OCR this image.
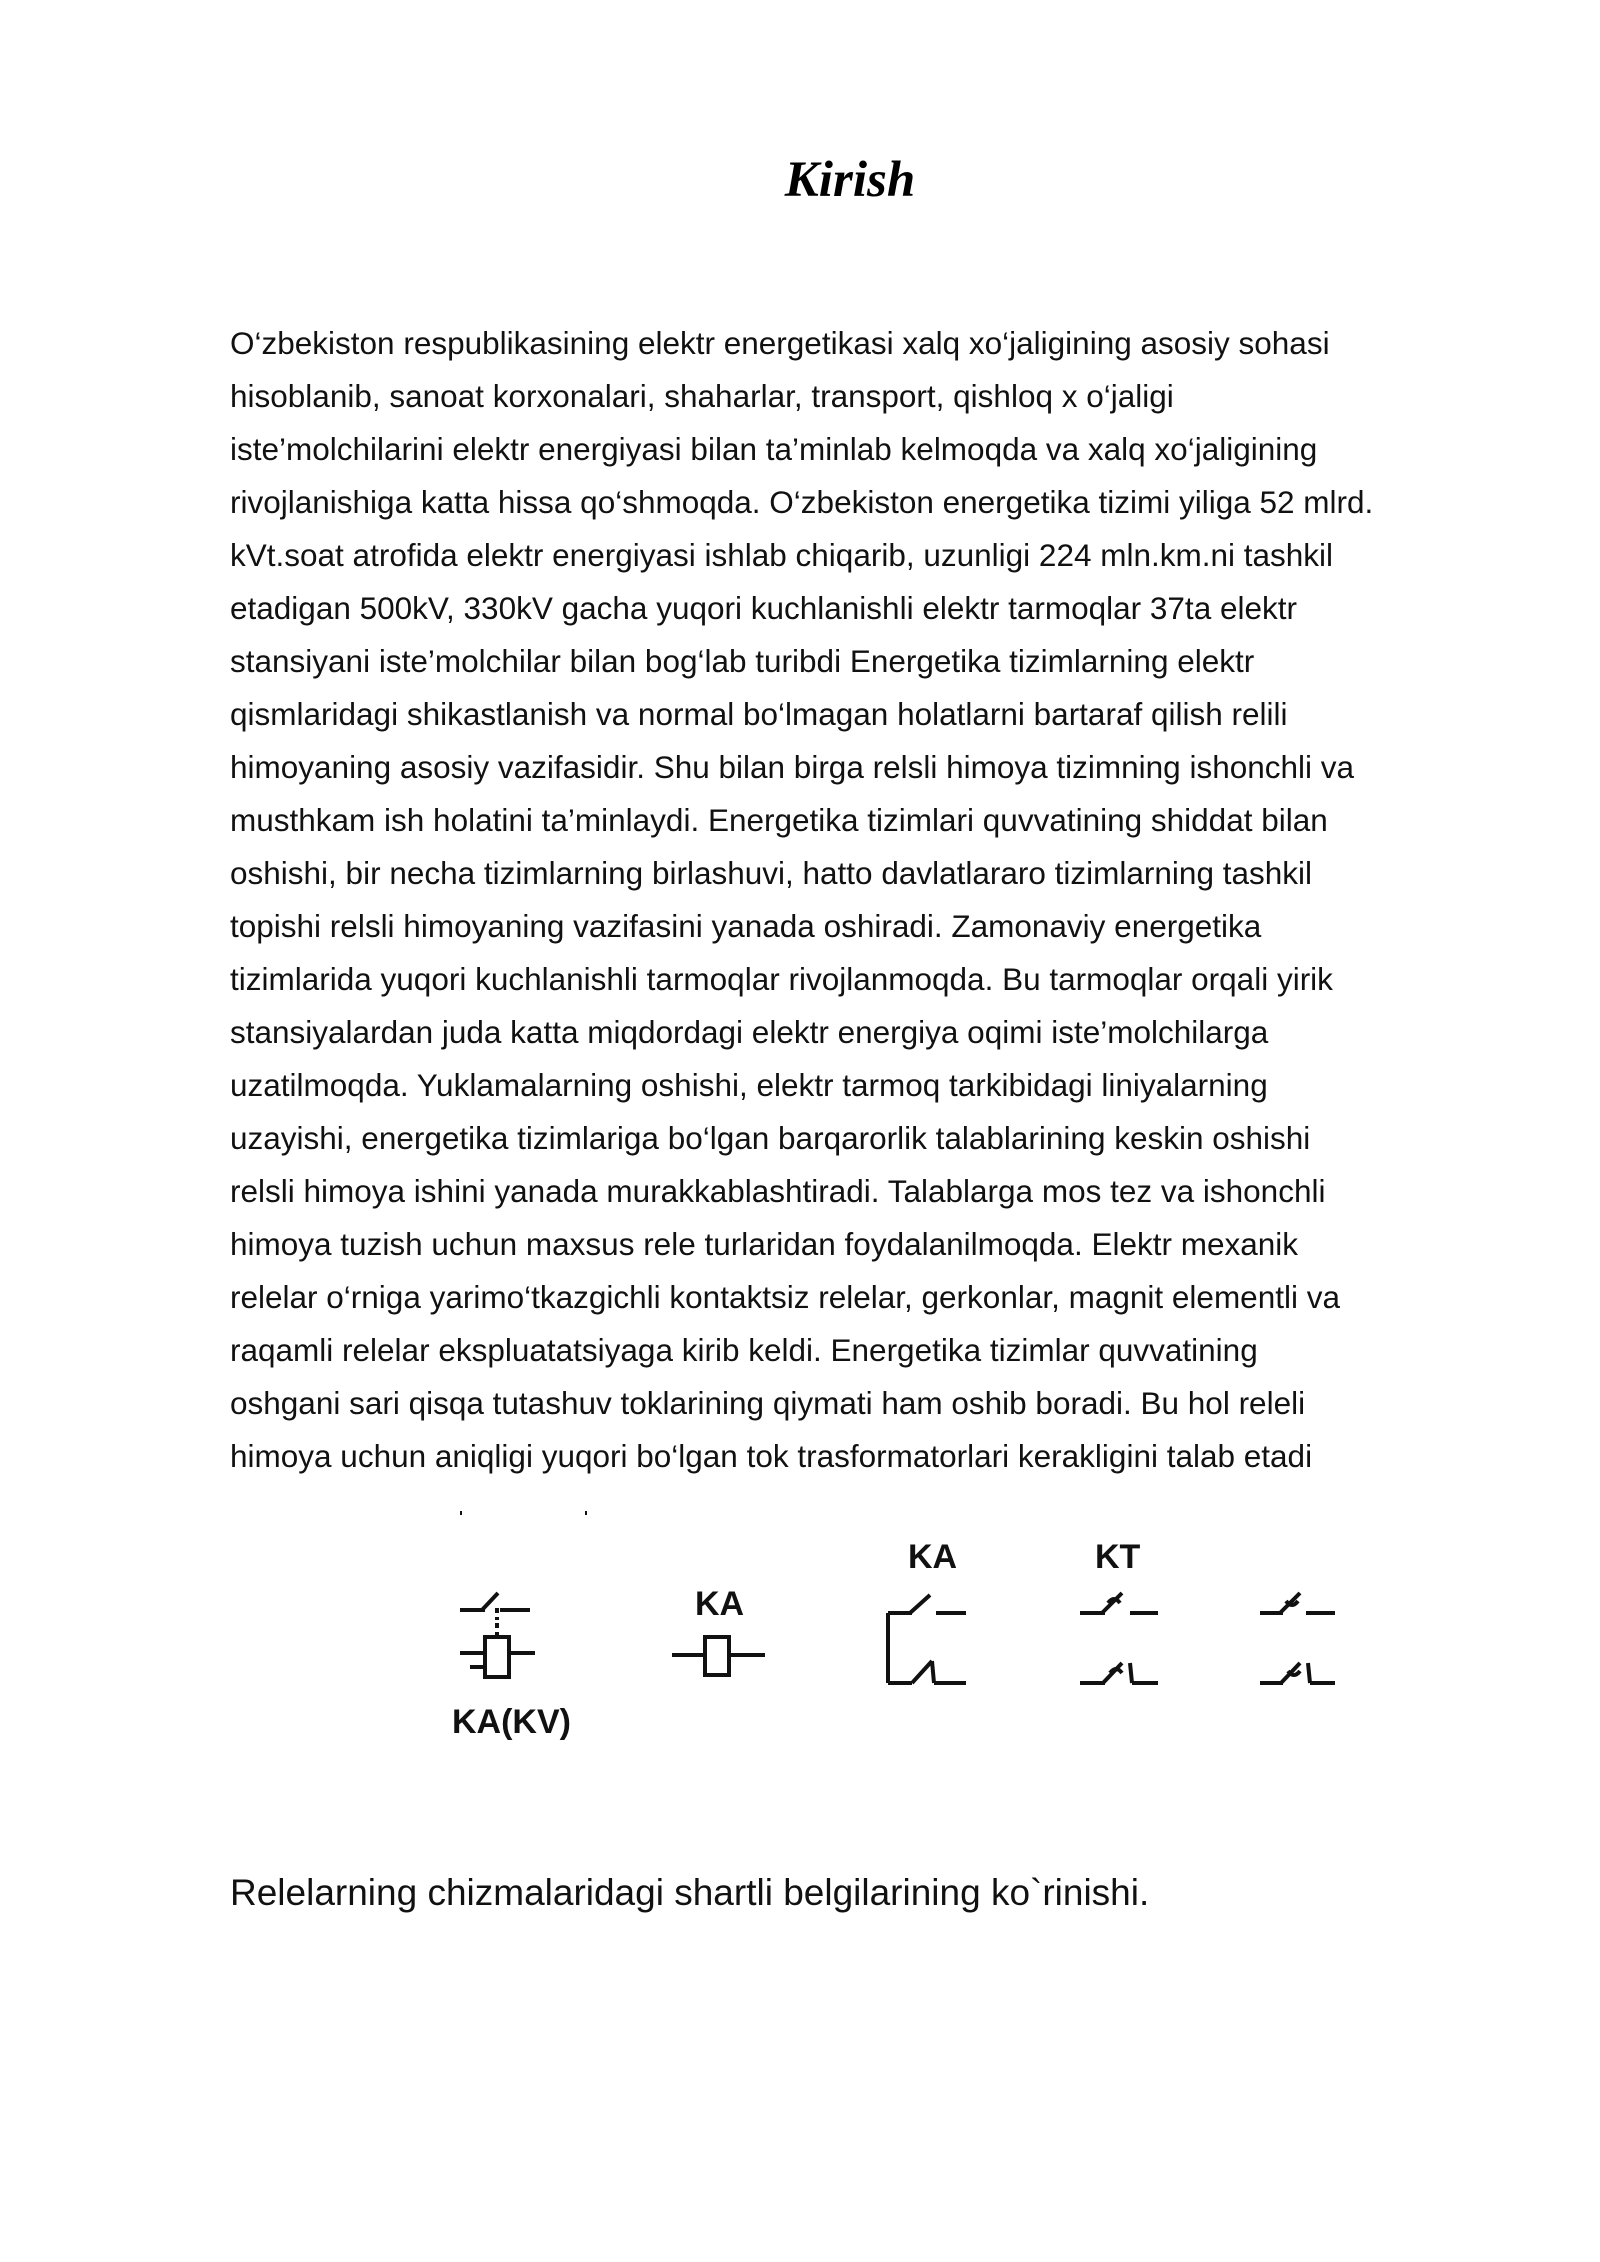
Kirish
O‘zbekiston respublikasining elektr energetikasi xalq xo‘jaligining asosiy sohasi
hisoblanib, sanoat korxonalari, shaharlar, transport, qishloq x o‘jaligi
iste’molchilarini elektr energiyasi bilan ta’minlab kelmoqda va xalq xo‘jaligining
rivojlanishiga katta hissa qo‘shmoqda. O‘zbekiston energetika tizimi yiliga 52 mlrd.
kVt.soat atrofida elektr energiyasi ishlab chiqarib, uzunligi 224 mln.km.ni tashkil
etadigan 500kV, 330kV gacha yuqori kuchlanishli elektr tarmoqlar 37ta elektr
stansiyani iste’molchilar bilan bog‘lab turibdi Energetika tizimlarning elektr
qismlaridagi shikastlanish va normal bo‘lmagan holatlarni bartaraf qilish relili
himoyaning asosiy vazifasidir. Shu bilan birga relsli himoya tizimning ishonchli va
musthkam ish holatini ta’minlaydi. Energetika tizimlari quvvatining shiddat bilan
oshishi, bir necha tizimlarning birlashuvi, hatto davlatlararo tizimlarning tashkil
topishi relsli himoyaning vazifasini yanada oshiradi. Zamonaviy energetika
tizimlarida yuqori kuchlanishli tarmoqlar rivojlanmoqda. Bu tarmoqlar orqali yirik
stansiyalardan juda katta miqdordagi elektr energiya oqimi iste’molchilarga
uzatilmoqda. Yuklamalarning oshishi, elektr tarmoq tarkibidagi liniyalarning
uzayishi, energetika tizimlariga bo‘lgan barqarorlik talablarining keskin oshishi
relsli himoya ishini yanada murakkablashtiradi. Talablarga mos tez va ishonchli
himoya tuzish uchun maxsus rele turlaridan foydalanilmoqda. Elektr mexanik
relelar o‘rniga yarimo‘tkazgichli kontaktsiz relelar, gerkonlar, magnit elementli va
raqamli relelar ekspluatatsiyaga kirib keldi. Energetika tizimlar quvvatining
oshgani sari qisqa tutashuv toklarining qiymati ham oshib boradi. Bu hol releli
himoya uchun aniqligi yuqori bo‘lgan tok trasformatorlari kerakligini talab etadi
KA(KV)
KA
KA	KT
Relelarning chizmalaridagi shartli belgilarining ko`rinishi.
